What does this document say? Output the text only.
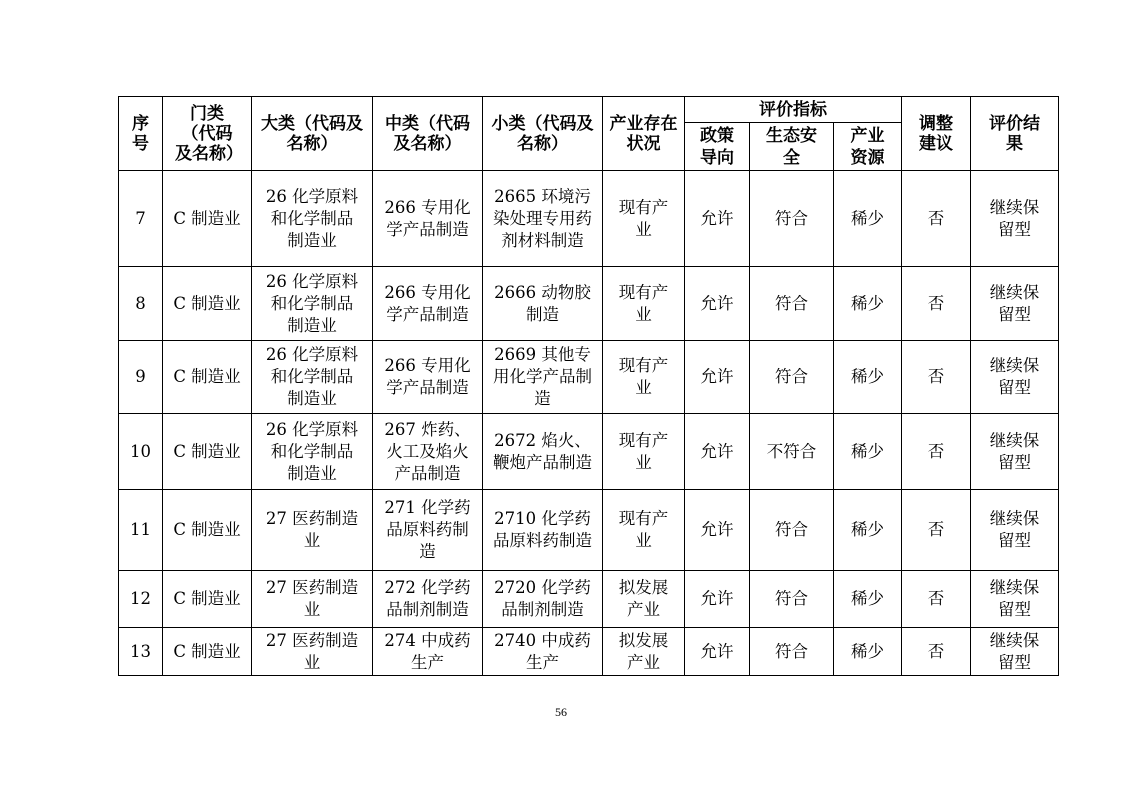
序号	门类（代码及名称）	大类（代码及名称）	中类（代码及名称）	小类（代码及名称）	产业存在状况	评价指标			调整建议	评价结果
						政策导向	生态安全	产业资源		
7	C 制造业	26 化学原料和化学制品制造业	266 专用化学产品制造	2665 环境污染处理专用药剂材料制造	现有产业	允许	符合	稀少	否	继续保留型
8	C 制造业	26 化学原料和化学制品制造业	266 专用化学产品制造	2666 动物胶制造	现有产业	允许	符合	稀少	否	继续保留型
9	C 制造业	26 化学原料和化学制品制造业	266 专用化学产品制造	2669 其他专用化学产品制造	现有产业	允许	符合	稀少	否	继续保留型
10	C 制造业	26 化学原料和化学制品制造业	267 炸药、火工及焰火产品制造	2672 焰火、鞭炮产品制造	现有产业	允许	不符合	稀少	否	继续保留型
11	C 制造业	27 医药制造业	271 化学药品原料药制造	2710 化学药品原料药制造	现有产业	允许	符合	稀少	否	继续保留型
12	C 制造业	27 医药制造业	272 化学药品制剂制造	2720 化学药品制剂制造	拟发展产业	允许	符合	稀少	否	继续保留型
13	C 制造业	27 医药制造业	274 中成药生产	2740 中成药生产	拟发展产业	允许	符合	稀少	否	继续保留型
56
